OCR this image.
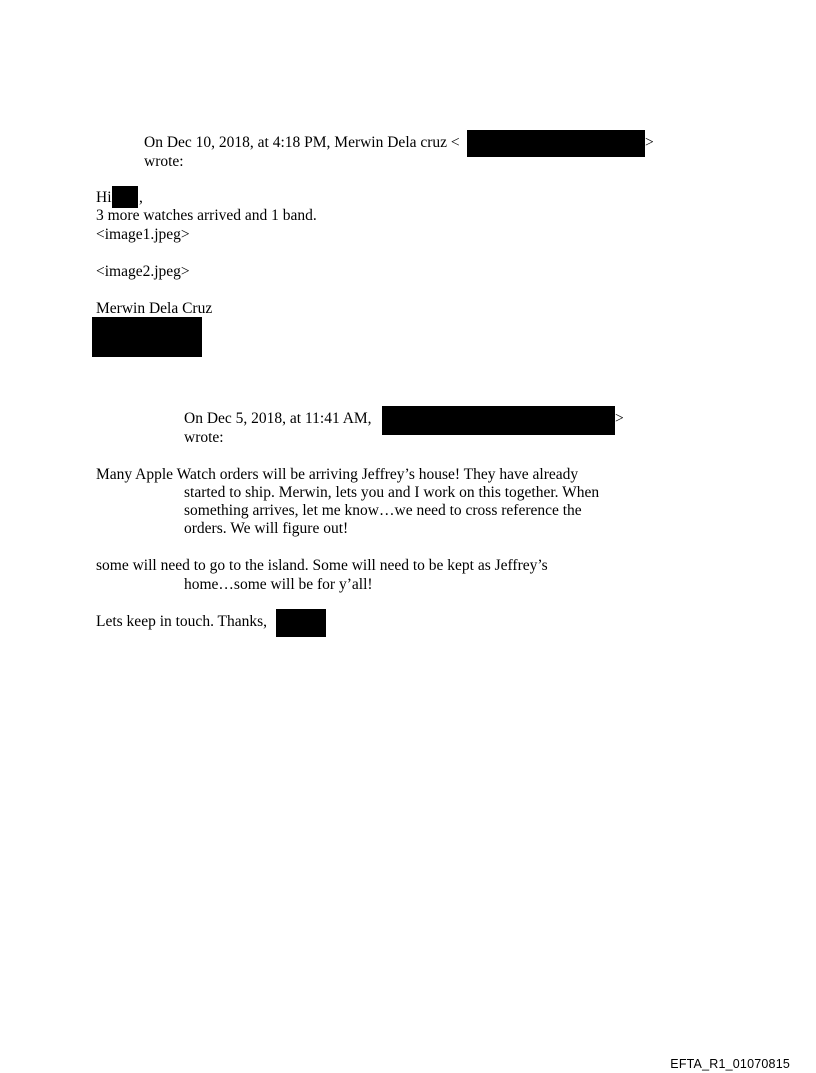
On Dec 10, 2018, at 4:18 PM, Merwin Dela cruz <	>
wrote:
Hi ,
3 more watches arrived and 1 band.
<image1.jpeg>
<image2.jpeg>
Merwin Dela Cruz
On Dec 5, 2018, at 11:41 AM,	>
wrote:
Many Apple Watch orders will be arriving Jeffrey’s house! They have already
started to ship. Merwin, lets you and I work on this together. When
something arrives, let me know…we need to cross reference the
orders. We will figure out!
some will need to go to the island. Some will need to be kept as Jeffrey’s
home…some will be for y’all!
Lets keep in touch. Thanks,
EFTA_R1_01070815
